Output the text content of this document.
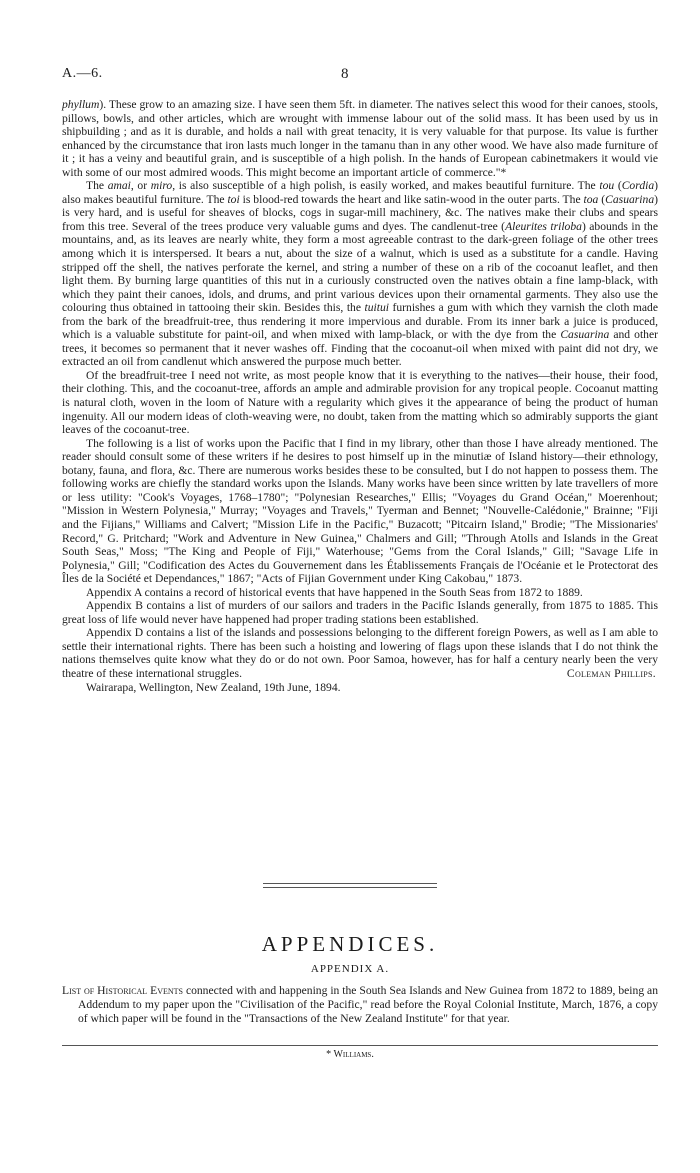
A.—6.	8

phyllum). These grow to an amazing size. I have seen them 5ft. in diameter. The natives select this wood for their canoes, stools, pillows, bowls, and other articles, which are wrought with immense labour out of the solid mass. It has been used by us in shipbuilding ; and as it is durable, and holds a nail with great tenacity, it is very valuable for that purpose. Its value is further enhanced by the circumstance that iron lasts much longer in the tamanu than in any other wood. We have also made furniture of it ; it has a veiny and beautiful grain, and is susceptible of a high polish. In the hands of European cabinetmakers it would vie with some of our most admired woods. This might become an important article of commerce."*

The amai, or miro, is also susceptible of a high polish, is easily worked, and makes beautiful furniture. The tou (Cordia) also makes beautiful furniture. The toi is blood-red towards the heart and like satin-wood in the outer parts. The toa (Casuarina) is very hard, and is useful for sheaves of blocks, cogs in sugar-mill machinery, &c. The natives make their clubs and spears from this tree. Several of the trees produce very valuable gums and dyes. The candlenut-tree (Aleurites triloba) abounds in the mountains, and, as its leaves are nearly white, they form a most agreeable contrast to the dark-green foliage of the other trees among which it is interspersed. It bears a nut, about the size of a walnut, which is used as a substitute for a candle. Having stripped off the shell, the natives perforate the kernel, and string a number of these on a rib of the cocoanut leaflet, and then light them. By burning large quantities of this nut in a curiously constructed oven the natives obtain a fine lamp-black, with which they paint their canoes, idols, and drums, and print various devices upon their ornamental garments. They also use the colouring thus obtained in tattooing their skin. Besides this, the tuitui furnishes a gum with which they varnish the cloth made from the bark of the breadfruit-tree, thus rendering it more impervious and durable. From its inner bark a juice is produced, which is a valuable substitute for paint-oil, and when mixed with lamp-black, or with the dye from the Casuarina and other trees, it becomes so permanent that it never washes off. Finding that the cocoanut-oil when mixed with paint did not dry, we extracted an oil from candlenut which answered the purpose much better.

Of the breadfruit-tree I need not write, as most people know that it is everything to the natives—their house, their food, their clothing. This, and the cocoanut-tree, affords an ample and admirable provision for any tropical people. Cocoanut matting is natural cloth, woven in the loom of Nature with a regularity which gives it the appearance of being the product of human ingenuity. All our modern ideas of cloth-weaving were, no doubt, taken from the matting which so admirably supports the giant leaves of the cocoanut-tree.

The following is a list of works upon the Pacific that I find in my library, other than those I have already mentioned. The reader should consult some of these writers if he desires to post himself up in the minutiæ of Island history—their ethnology, botany, fauna, and flora, &c. There are numerous works besides these to be consulted, but I do not happen to possess them. The following works are chiefly the standard works upon the Islands. Many works have been since written by late travellers of more or less utility: "Cook's Voyages, 1768–1780"; "Polynesian Researches," Ellis; "Voyages du Grand Océan," Moerenhout; "Mission in Western Polynesia," Murray; "Voyages and Travels," Tyerman and Bennet; "Nouvelle-Calédonie," Brainne; "Fiji and the Fijians," Williams and Calvert; "Mission Life in the Pacific," Buzacott; "Pitcairn Island," Brodie; "The Missionaries' Record," G. Pritchard; "Work and Adventure in New Guinea," Chalmers and Gill; "Through Atolls and Islands in the Great South Seas," Moss; "The King and People of Fiji," Waterhouse; "Gems from the Coral Islands," Gill; "Savage Life in Polynesia," Gill; "Codification des Actes du Gouvernement dans les Établissements Français de l'Océanie et le Protectorat des Îles de la Société et Dependances," 1867; "Acts of Fijian Government under King Cakobau," 1873.

Appendix A contains a record of historical events that have happened in the South Seas from 1872 to 1889.

Appendix B contains a list of murders of our sailors and traders in the Pacific Islands generally, from 1875 to 1885. This great loss of life would never have happened had proper trading stations been established.

Appendix D contains a list of the islands and possessions belonging to the different foreign Powers, as well as I am able to settle their international rights. There has been such a hoisting and lowering of flags upon these islands that I do not think the nations themselves quite know what they do or do not own. Poor Samoa, however, has for half a century nearly been the very theatre of these international struggles.	Coleman Phillips.

Wairarapa, Wellington, New Zealand, 19th June, 1894.

APPENDICES.
APPENDIX A.
List of Historical Events connected with and happening in the South Sea Islands and New Guinea from 1872 to 1889, being an Addendum to my paper upon the "Civilisation of the Pacific," read before the Royal Colonial Institute, March, 1876, a copy of which paper will be found in the "Transactions of the New Zealand Institute" for that year.
* Williams.
